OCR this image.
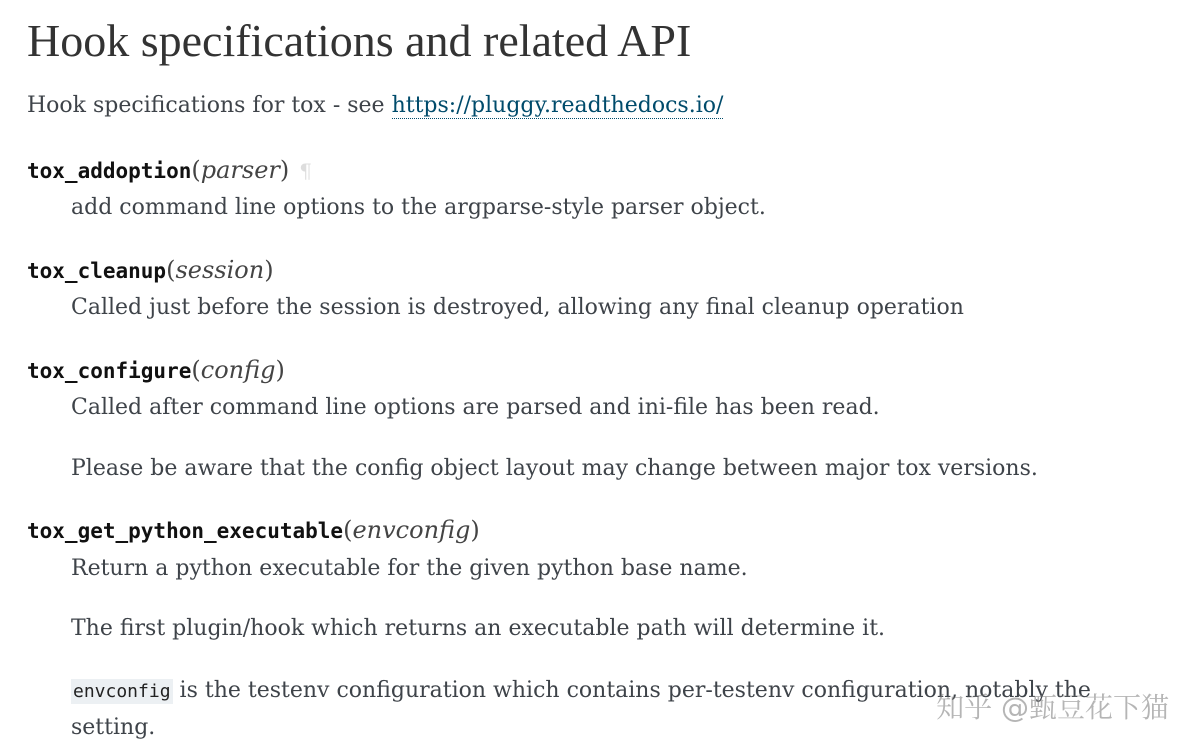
Hook specifications and related API
Hook specifications for tox - see https://pluggy.readthedocs.io/
tox_addoption(parser) ¶
add command line options to the argparse-style parser object.
tox_cleanup(session)
Called just before the session is destroyed, allowing any final cleanup operation
tox_configure(config)
Called after command line options are parsed and ini-file has been read.
Please be aware that the config object layout may change between major tox versions.
tox_get_python_executable(envconfig)
Return a python executable for the given python base name.
The first plugin/hook which returns an executable path will determine it.
envconfig is the testenv configuration which contains per-testenv configuration, notably the
setting.
知乎 @甄豆花下猫
